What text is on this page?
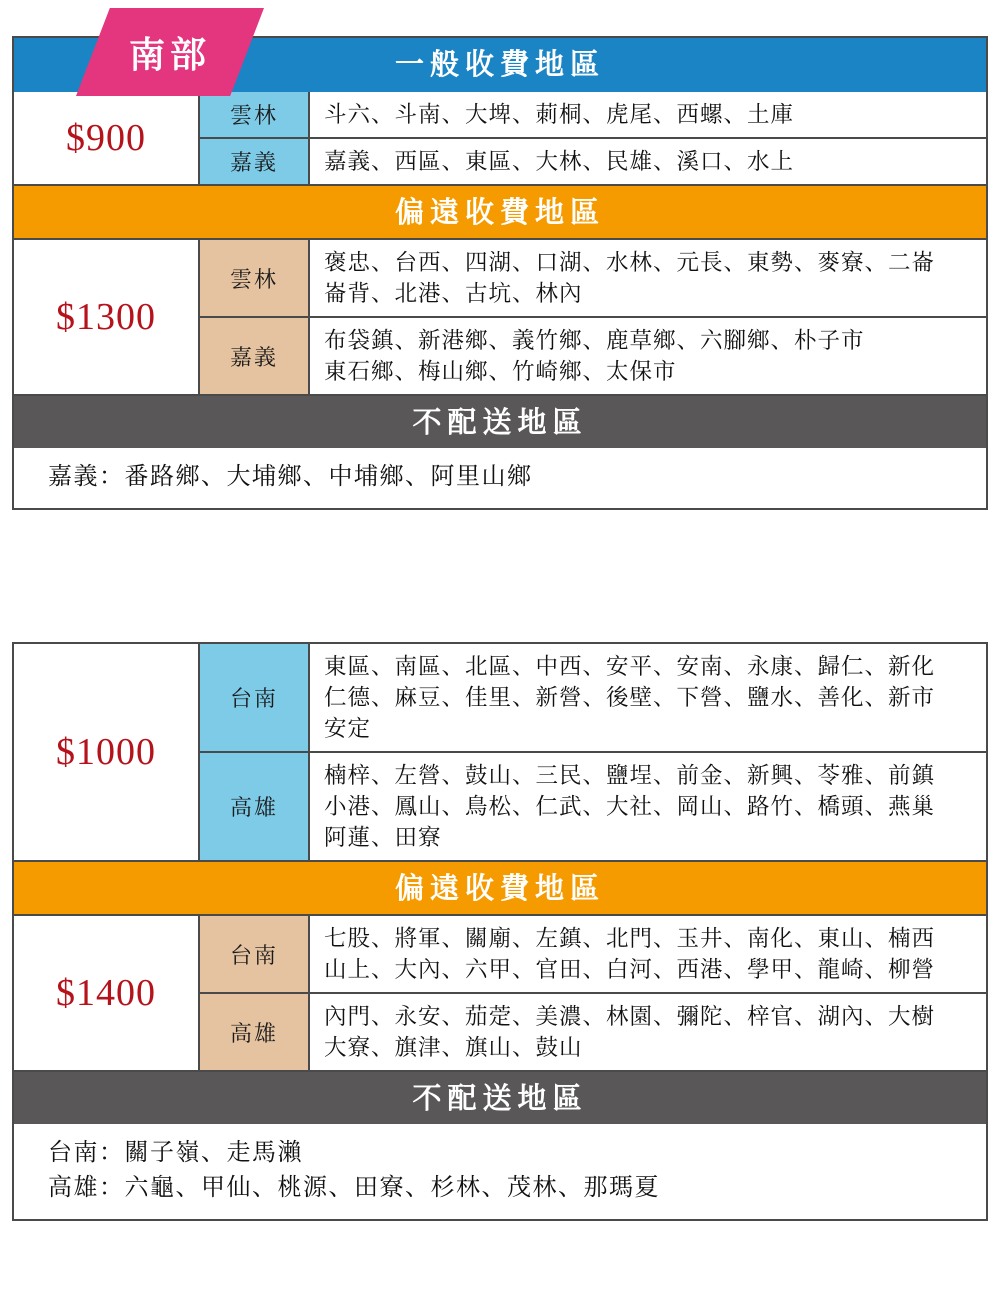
一般收費地區
$900
雲林	斗六、斗南、大埤、莿桐、虎尾、西螺、土庫
嘉義	嘉義、西區、東區、大林、民雄、溪口、水上
偏遠收費地區
$1300
雲林
褒忠、台西、四湖、口湖、水林、元長、東勢、麥寮、二崙
崙背、北港、古坑、林內
嘉義
布袋鎮、新港鄉、義竹鄉、鹿草鄉、六腳鄉、朴子市
東石鄉、梅山鄉、竹崎鄉、太保市
不配送地區
嘉義：番路鄉、大埔鄉、中埔鄉、阿里山鄉
南部
$1000
台南
東區、南區、北區、中西、安平、安南、永康、歸仁、新化
仁德、麻豆、佳里、新營、後壁、下營、鹽水、善化、新市
安定
高雄
楠梓、左營、鼓山、三民、鹽埕、前金、新興、苓雅、前鎮
小港、鳳山、鳥松、仁武、大社、岡山、路竹、橋頭、燕巢
阿蓮、田寮
偏遠收費地區
$1400
台南
七股、將軍、關廟、左鎮、北門、玉井、南化、東山、楠西
山上、大內、六甲、官田、白河、西港、學甲、龍崎、柳營
高雄
內門、永安、茄萣、美濃、林園、彌陀、梓官、湖內、大樹
大寮、旗津、旗山、鼓山
不配送地區
台南：關子嶺、走馬瀨
高雄：六龜、甲仙、桃源、田寮、杉林、茂林、那瑪夏
